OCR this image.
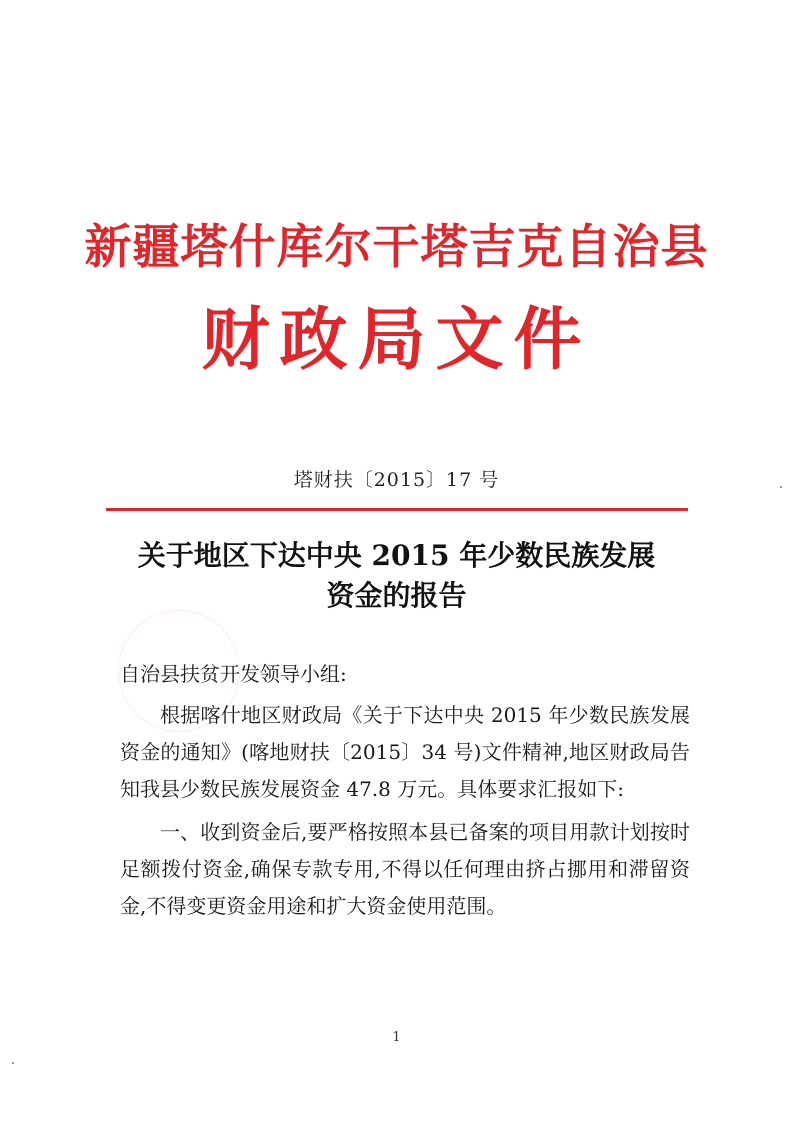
新疆塔什库尔干塔吉克自治县
财政局文件
塔财扶〔2015〕17 号
关于地区下达中央 2015 年少数民族发展
资金的报告

自治县扶贫开发领导小组:

根据喀什地区财政局《关于下达中央 2015 年少数民族发展资金的通知》(喀地财扶〔2015〕34 号)文件精神,地区财政局告知我县少数民族发展资金 47.8 万元。具体要求汇报如下:

一、收到资金后,要严格按照本县已备案的项目用款计划按时足额拨付资金,确保专款专用,不得以任何理由挤占挪用和滞留资金,不得变更资金用途和扩大资金使用范围。

1
